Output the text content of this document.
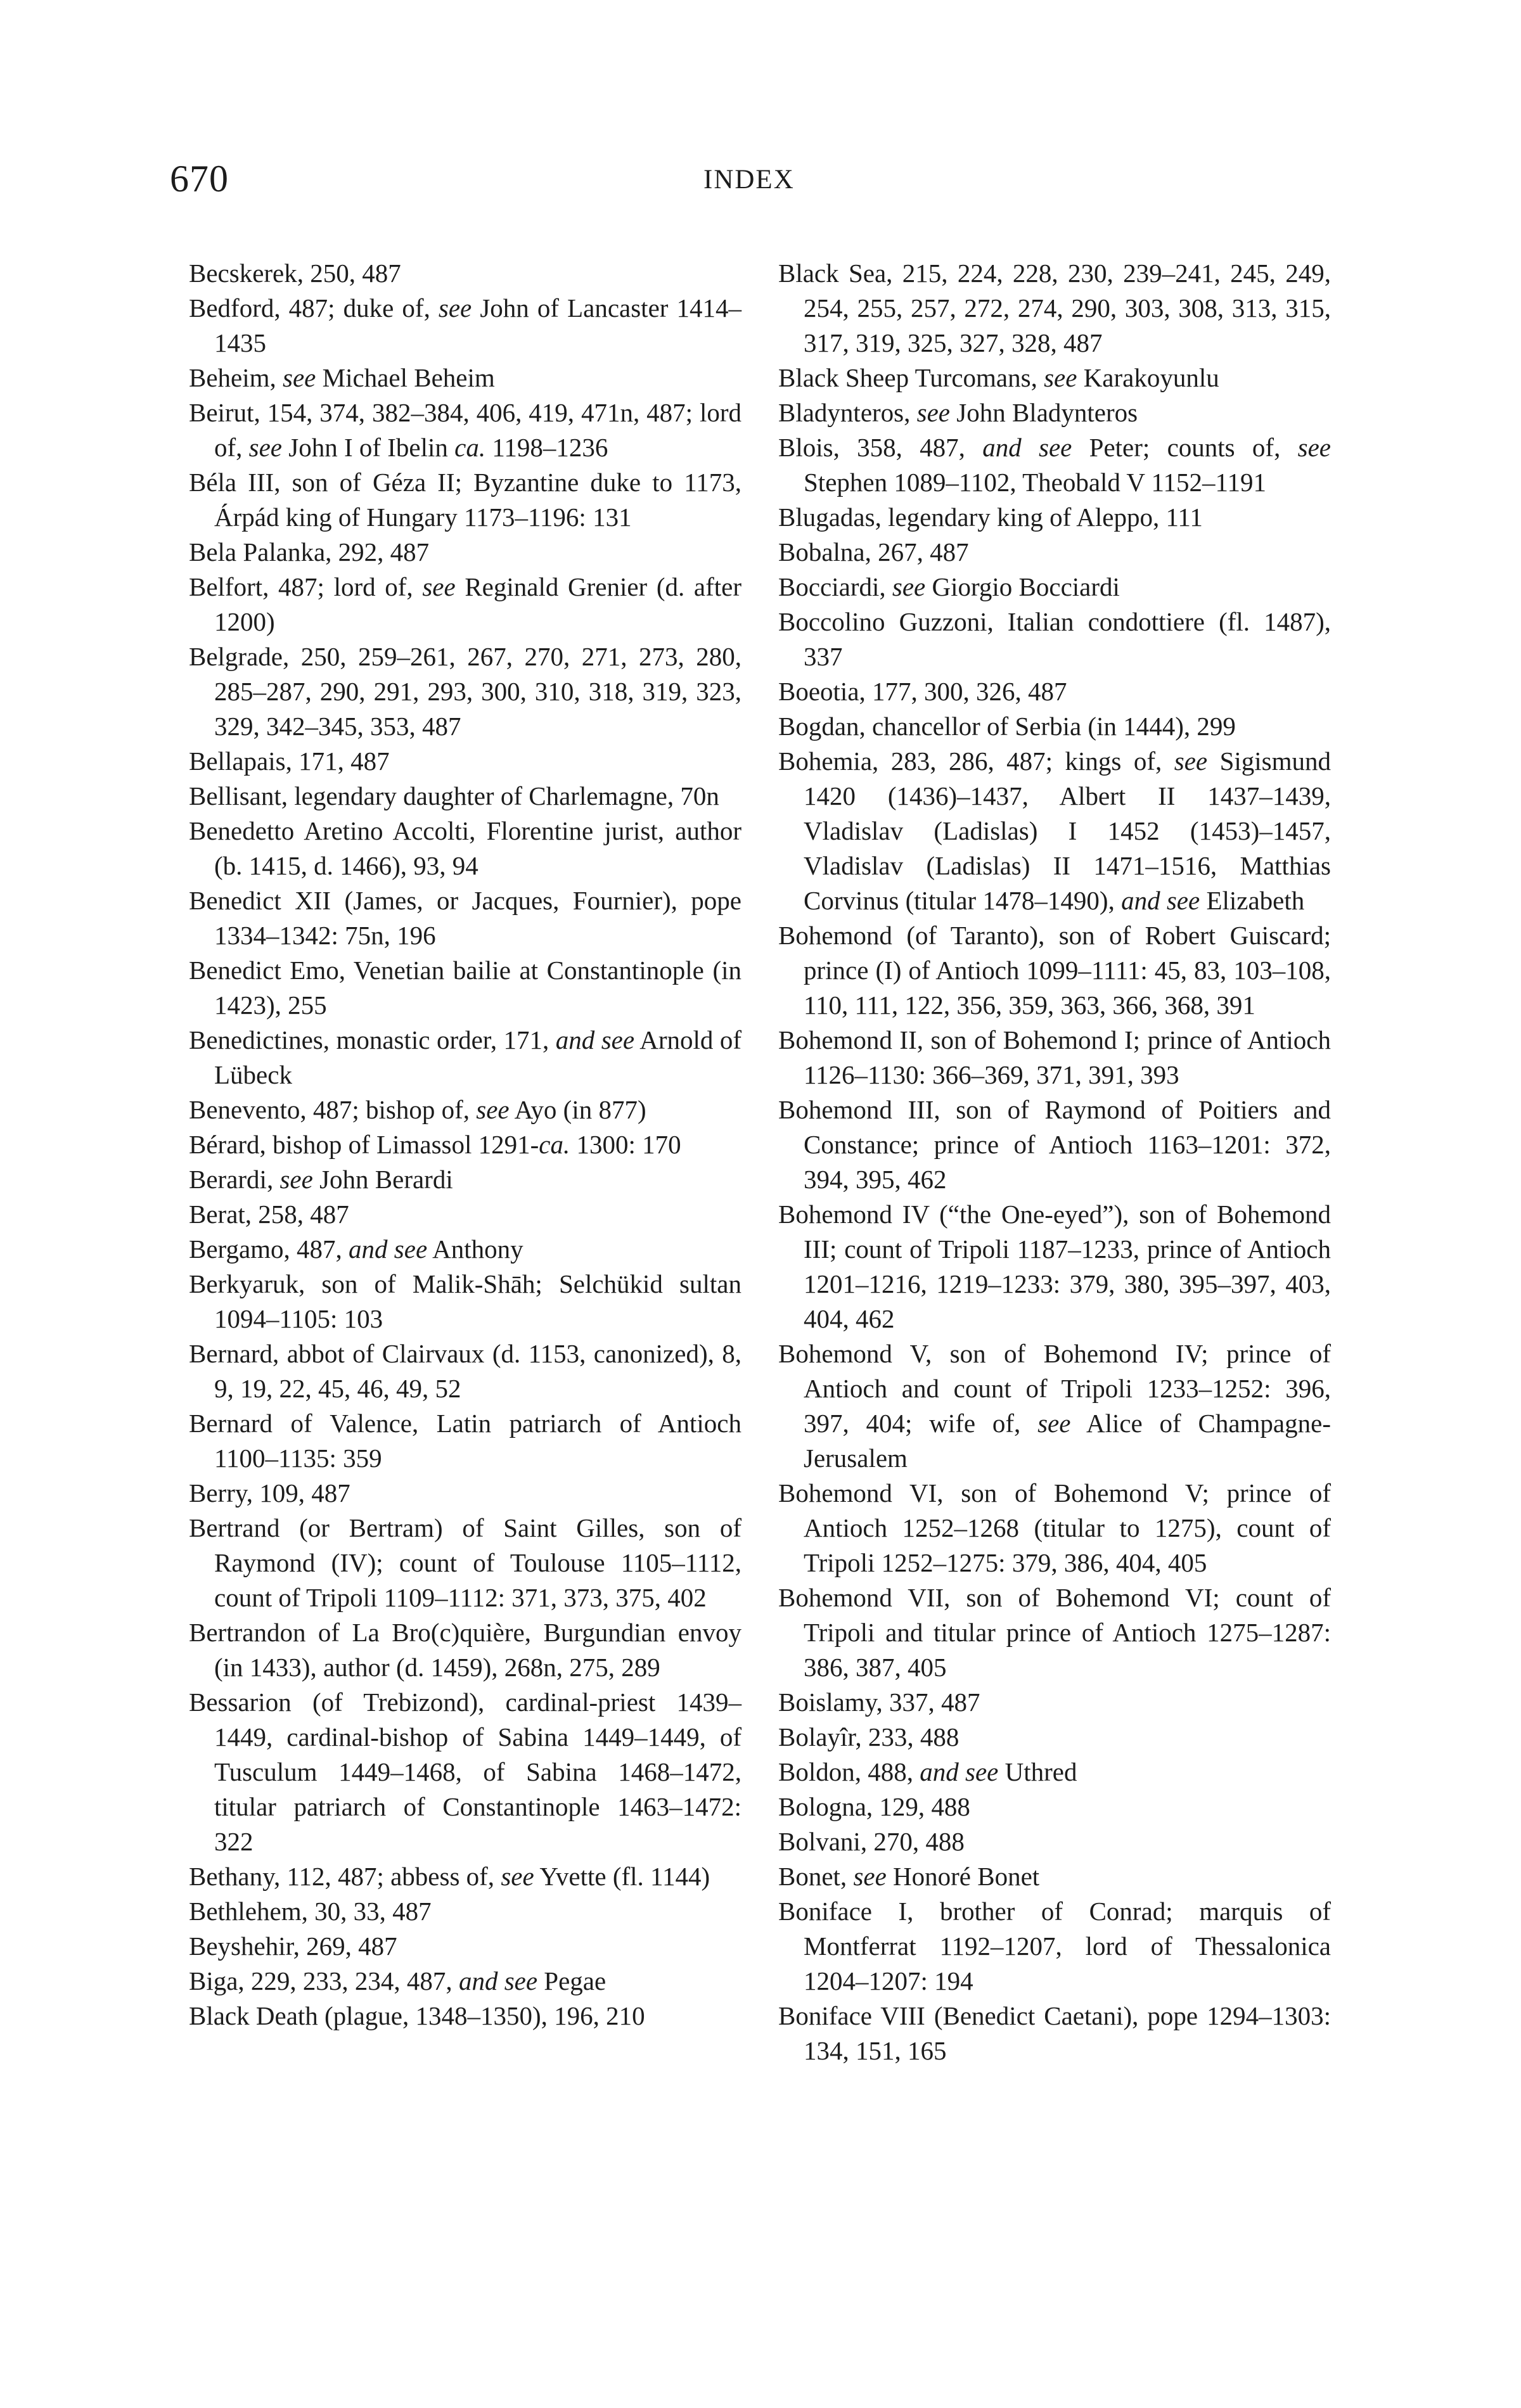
670	INDEX

Becskerek, 250, 487

Bedford, 487; duke of, see John of Lancaster 1414–1435

Beheim, see Michael Beheim

Beirut, 154, 374, 382–384, 406, 419, 471n, 487; lord of, see John I of Ibelin ca. 1198–1236

Béla III, son of Géza II; Byzantine duke to 1173, Árpád king of Hungary 1173–1196: 131

Bela Palanka, 292, 487

Belfort, 487; lord of, see Reginald Grenier (d. after 1200)

Belgrade, 250, 259–261, 267, 270, 271, 273, 280, 285–287, 290, 291, 293, 300, 310, 318, 319, 323, 329, 342–345, 353, 487

Bellapais, 171, 487

Bellisant, legendary daughter of Charlemagne, 70n

Benedetto Aretino Accolti, Florentine jurist, author (b. 1415, d. 1466), 93, 94

Benedict XII (James, or Jacques, Fournier), pope 1334–1342: 75n, 196

Benedict Emo, Venetian bailie at Constantinople (in 1423), 255

Benedictines, monastic order, 171, and see Arnold of Lübeck

Benevento, 487; bishop of, see Ayo (in 877)

Bérard, bishop of Limassol 1291-ca. 1300: 170

Berardi, see John Berardi

Berat, 258, 487

Bergamo, 487, and see Anthony

Berkyaruk, son of Malik-Shāh; Selchükid sultan 1094–1105: 103

Bernard, abbot of Clairvaux (d. 1153, canonized), 8, 9, 19, 22, 45, 46, 49, 52

Bernard of Valence, Latin patriarch of Antioch 1100–1135: 359

Berry, 109, 487

Bertrand (or Bertram) of Saint Gilles, son of Raymond (IV); count of Toulouse 1105–1112, count of Tripoli 1109–1112: 371, 373, 375, 402

Bertrandon of La Bro(c)quière, Burgundian envoy (in 1433), author (d. 1459), 268n, 275, 289

Bessarion (of Trebizond), cardinal-priest 1439–1449, cardinal-bishop of Sabina 1449–1449, of Tusculum 1449–1468, of Sabina 1468–1472, titular patriarch of Constantinople 1463–1472: 322

Bethany, 112, 487; abbess of, see Yvette (fl. 1144)

Bethlehem, 30, 33, 487

Beyshehir, 269, 487

Biga, 229, 233, 234, 487, and see Pegae

Black Death (plague, 1348–1350), 196, 210

Black Sea, 215, 224, 228, 230, 239–241, 245, 249, 254, 255, 257, 272, 274, 290, 303, 308, 313, 315, 317, 319, 325, 327, 328, 487

Black Sheep Turcomans, see Karakoyunlu

Bladynteros, see John Bladynteros

Blois, 358, 487, and see Peter; counts of, see Stephen 1089–1102, Theobald V 1152–1191

Blugadas, legendary king of Aleppo, 111

Bobalna, 267, 487

Bocciardi, see Giorgio Bocciardi

Boccolino Guzzoni, Italian condottiere (fl. 1487), 337

Boeotia, 177, 300, 326, 487

Bogdan, chancellor of Serbia (in 1444), 299

Bohemia, 283, 286, 487; kings of, see Sigismund 1420 (1436)–1437, Albert II 1437–1439, Vladislav (Ladislas) I 1452 (1453)–1457, Vladislav (Ladislas) II 1471–1516, Matthias Corvinus (titular 1478–1490), and see Elizabeth

Bohemond (of Taranto), son of Robert Guiscard; prince (I) of Antioch 1099–1111: 45, 83, 103–108, 110, 111, 122, 356, 359, 363, 366, 368, 391

Bohemond II, son of Bohemond I; prince of Antioch 1126–1130: 366–369, 371, 391, 393

Bohemond III, son of Raymond of Poitiers and Constance; prince of Antioch 1163–1201: 372, 394, 395, 462

Bohemond IV (“the One-eyed”), son of Bohemond III; count of Tripoli 1187–1233, prince of Antioch 1201–1216, 1219–1233: 379, 380, 395–397, 403, 404, 462

Bohemond V, son of Bohemond IV; prince of Antioch and count of Tripoli 1233–1252: 396, 397, 404; wife of, see Alice of Champagne-Jerusalem

Bohemond VI, son of Bohemond V; prince of Antioch 1252–1268 (titular to 1275), count of Tripoli 1252–1275: 379, 386, 404, 405

Bohemond VII, son of Bohemond VI; count of Tripoli and titular prince of Antioch 1275–1287: 386, 387, 405

Boislamy, 337, 487

Bolayîr, 233, 488

Boldon, 488, and see Uthred

Bologna, 129, 488

Bolvani, 270, 488

Bonet, see Honoré Bonet

Boniface I, brother of Conrad; marquis of Montferrat 1192–1207, lord of Thessalonica 1204–1207: 194

Boniface VIII (Benedict Caetani), pope 1294–1303: 134, 151, 165
